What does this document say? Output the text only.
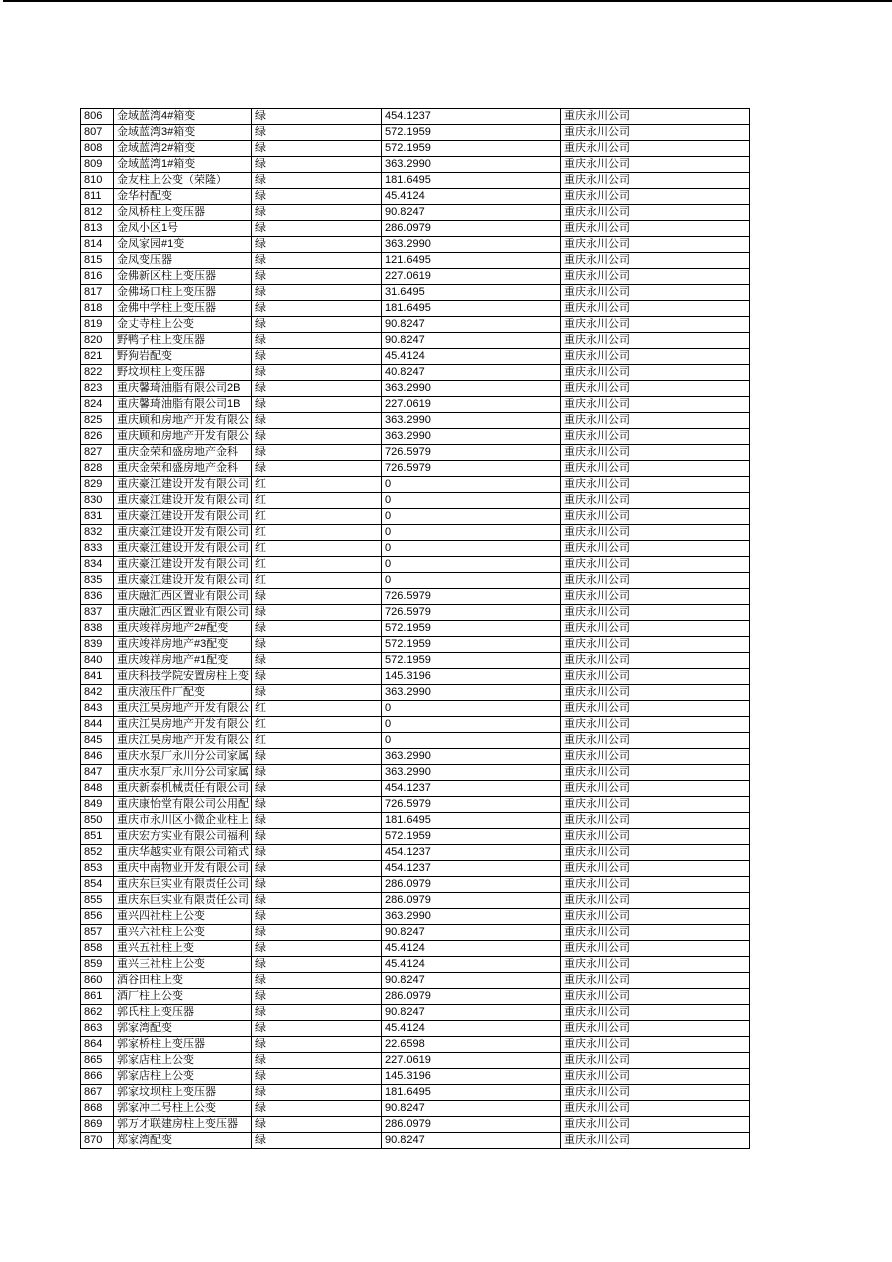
806	金域蓝湾4#箱变	绿	454.1237	重庆永川公司
807	金域蓝湾3#箱变	绿	572.1959	重庆永川公司
808	金域蓝湾2#箱变	绿	572.1959	重庆永川公司
809	金域蓝湾1#箱变	绿	363.2990	重庆永川公司
810	金友柱上公变（荣隆）	绿	181.6495	重庆永川公司
811	金华村配变	绿	45.4124	重庆永川公司
812	金凤桥柱上变压器	绿	90.8247	重庆永川公司
813	金凤小区1号	绿	286.0979	重庆永川公司
814	金凤家园#1变	绿	363.2990	重庆永川公司
815	金凤变压器	绿	121.6495	重庆永川公司
816	金佛新区柱上变压器	绿	227.0619	重庆永川公司
817	金佛场口柱上变压器	绿	31.6495	重庆永川公司
818	金佛中学柱上变压器	绿	181.6495	重庆永川公司
819	金丈寺柱上公变	绿	90.8247	重庆永川公司
820	野鸭子柱上变压器	绿	90.8247	重庆永川公司
821	野狗岩配变	绿	45.4124	重庆永川公司
822	野坟坝柱上变压器	绿	40.8247	重庆永川公司
823	重庆馨琦油脂有限公司2B	绿	363.2990	重庆永川公司
824	重庆馨琦油脂有限公司1B	绿	227.0619	重庆永川公司
825	重庆顾和房地产开发有限公	绿	363.2990	重庆永川公司
826	重庆顾和房地产开发有限公	绿	363.2990	重庆永川公司
827	重庆金荣和盛房地产金科	绿	726.5979	重庆永川公司
828	重庆金荣和盛房地产金科	绿	726.5979	重庆永川公司
829	重庆豪江建设开发有限公司	红	0	重庆永川公司
830	重庆豪江建设开发有限公司	红	0	重庆永川公司
831	重庆豪江建设开发有限公司	红	0	重庆永川公司
832	重庆豪江建设开发有限公司	红	0	重庆永川公司
833	重庆豪江建设开发有限公司	红	0	重庆永川公司
834	重庆豪江建设开发有限公司	红	0	重庆永川公司
835	重庆豪江建设开发有限公司	红	0	重庆永川公司
836	重庆融汇西区置业有限公司	绿	726.5979	重庆永川公司
837	重庆融汇西区置业有限公司	绿	726.5979	重庆永川公司
838	重庆竣祥房地产2#配变	绿	572.1959	重庆永川公司
839	重庆竣祥房地产#3配变	绿	572.1959	重庆永川公司
840	重庆竣祥房地产#1配变	绿	572.1959	重庆永川公司
841	重庆科技学院安置房柱上变	绿	145.3196	重庆永川公司
842	重庆液压件厂配变	绿	363.2990	重庆永川公司
843	重庆江昊房地产开发有限公	红	0	重庆永川公司
844	重庆江昊房地产开发有限公	红	0	重庆永川公司
845	重庆江昊房地产开发有限公	红	0	重庆永川公司
846	重庆水泵厂永川分公司家属	绿	363.2990	重庆永川公司
847	重庆水泵厂永川分公司家属	绿	363.2990	重庆永川公司
848	重庆新泰机械责任有限公司	绿	454.1237	重庆永川公司
849	重庆康怡堂有限公司公用配	绿	726.5979	重庆永川公司
850	重庆市永川区小微企业柱上	绿	181.6495	重庆永川公司
851	重庆宏方实业有限公司福利	绿	572.1959	重庆永川公司
852	重庆华越实业有限公司箱式	绿	454.1237	重庆永川公司
853	重庆中南物业开发有限公司	绿	454.1237	重庆永川公司
854	重庆东巨实业有限责任公司	绿	286.0979	重庆永川公司
855	重庆东巨实业有限责任公司	绿	286.0979	重庆永川公司
856	重兴四社柱上公变	绿	363.2990	重庆永川公司
857	重兴六社柱上公变	绿	90.8247	重庆永川公司
858	重兴五社柱上变	绿	45.4124	重庆永川公司
859	重兴三社柱上公变	绿	45.4124	重庆永川公司
860	酒谷田柱上变	绿	90.8247	重庆永川公司
861	酒厂柱上公变	绿	286.0979	重庆永川公司
862	郭氏柱上变压器	绿	90.8247	重庆永川公司
863	郭家湾配变	绿	45.4124	重庆永川公司
864	郭家桥柱上变压器	绿	22.6598	重庆永川公司
865	郭家店柱上公变	绿	227.0619	重庆永川公司
866	郭家店柱上公变	绿	145.3196	重庆永川公司
867	郭家坟坝柱上变压器	绿	181.6495	重庆永川公司
868	郭家冲二号柱上公变	绿	90.8247	重庆永川公司
869	郭万才联建房柱上变压器	绿	286.0979	重庆永川公司
870	郑家湾配变	绿	90.8247	重庆永川公司
